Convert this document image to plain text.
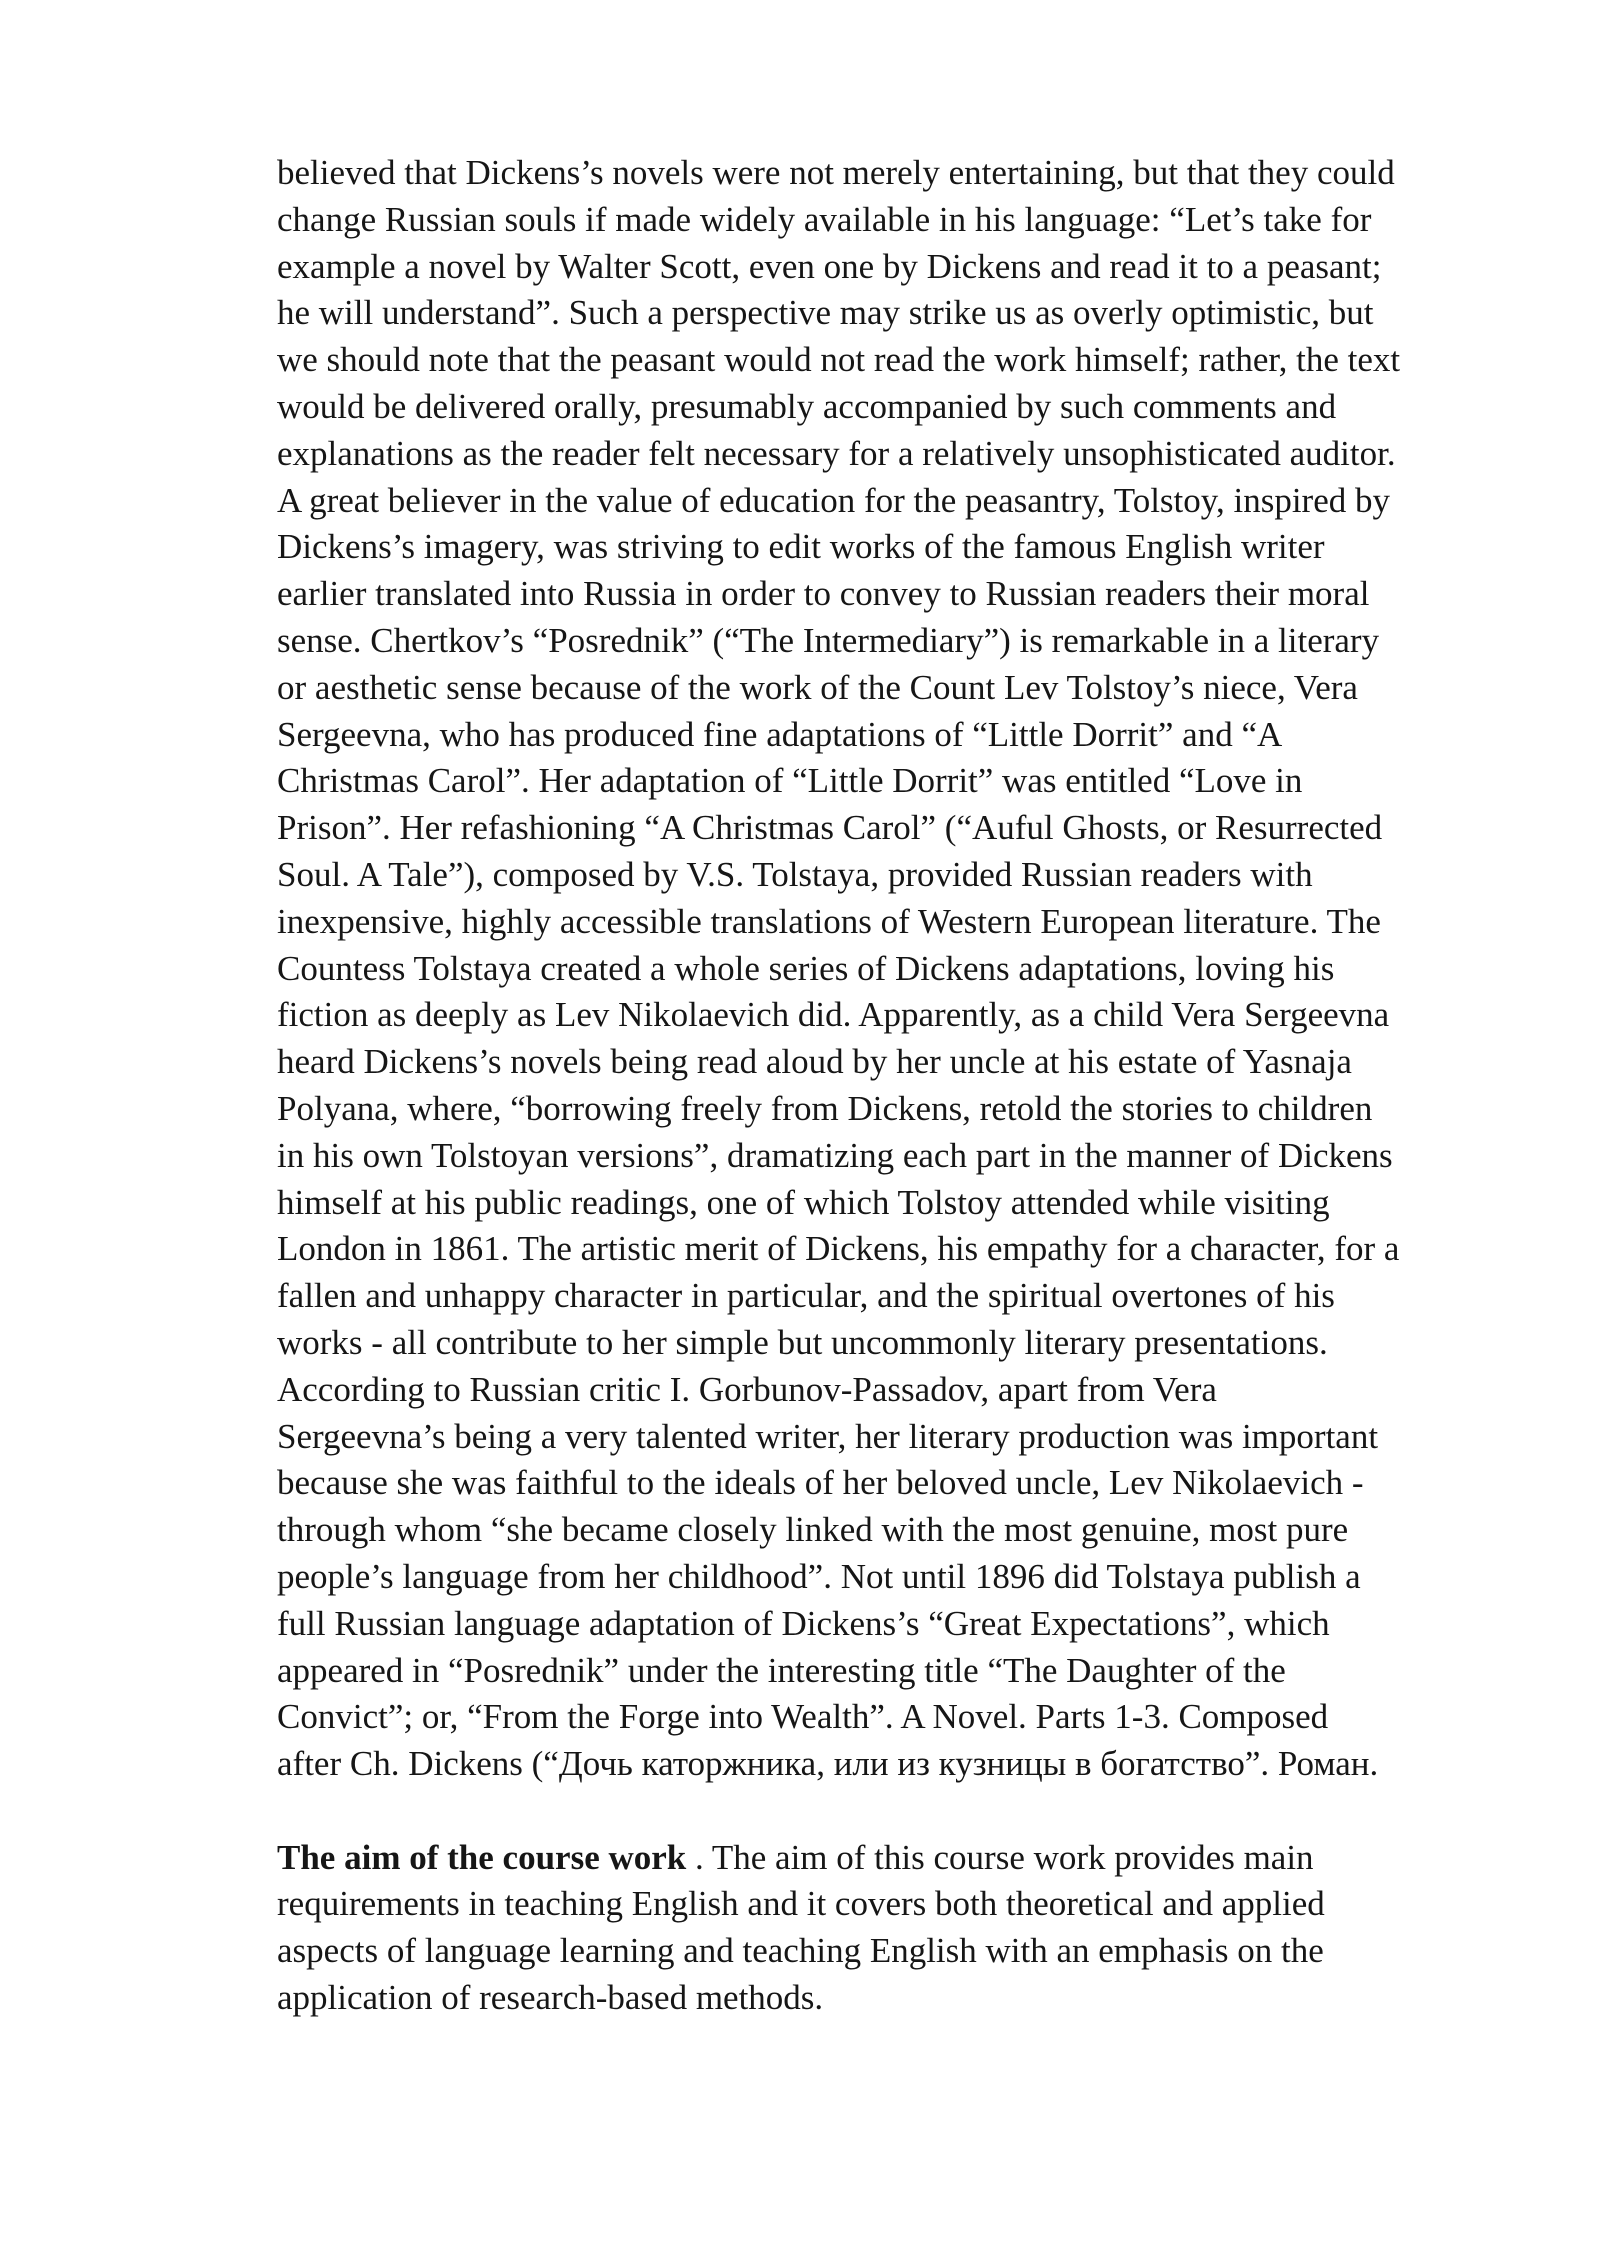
believed that Dickens’s novels were not merely entertaining, but that they could
change Russian souls if made widely available in his language: “Let’s take for
example a novel by Walter Scott, even one by Dickens and read it to a peasant;
he will understand”. Such a perspective may strike us as overly optimistic, but
we should note that the peasant would not read the work himself; rather, the text
would be delivered orally, presumably accompanied by such comments and
explanations as the reader felt necessary for a relatively unsophisticated auditor.
A great believer in the value of education for the peasantry, Tolstoy, inspired by
Dickens’s imagery, was striving to edit works of the famous English writer
earlier translated into Russia in order to convey to Russian readers their moral
sense. Chertkov’s “Posrednik” (“The Intermediary”) is remarkable in a literary
or aesthetic sense because of the work of the Count Lev Tolstoy’s niece, Vera
Sergeevna, who has produced fine adaptations of “Little Dorrit” and “A
Christmas Carol”. Her adaptation of “Little Dorrit” was entitled “Love in
Prison”. Her refashioning “A Christmas Carol” (“Auful Ghosts, or Resurrected
Soul. A Tale”), composed by V.S. Tolstaya, provided Russian readers with
inexpensive, highly accessible translations of Western European literature. The
Countess Tolstaya created a whole series of Dickens adaptations, loving his
fiction as deeply as Lev Nikolaevich did. Apparently, as a child Vera Sergeevna
heard Dickens’s novels being read aloud by her uncle at his estate of Yasnaja
Polyana, where, “borrowing freely from Dickens, retold the stories to children
in his own Tolstoyan versions”, dramatizing each part in the manner of Dickens
himself at his public readings, one of which Tolstoy attended while visiting
London in 1861. The artistic merit of Dickens, his empathy for a character, for a
fallen and unhappy character in particular, and the spiritual overtones of his
works - all contribute to her simple but uncommonly literary presentations.
According to Russian critic I. Gorbunov-Passadov, apart from Vera
Sergeevna’s being a very talented writer, her literary production was important
because she was faithful to the ideals of her beloved uncle, Lev Nikolaevich -
through whom “she became closely linked with the most genuine, most pure
people’s language from her childhood”. Not until 1896 did Tolstaya publish a
full Russian language adaptation of Dickens’s “Great Expectations”, which
appeared in “Posrednik” under the interesting title “The Daughter of the
Convict”; or, “From the Forge into Wealth”. A Novel. Parts 1-3. Composed
after Ch. Dickens (“Дочь каторжника, или из кузницы в богатство”. Роман.
The aim of the course work . The aim of this course work provides main
requirements in teaching English and it covers both theoretical and applied
aspects of language learning and teaching English with an emphasis on the
application of research-based methods.
